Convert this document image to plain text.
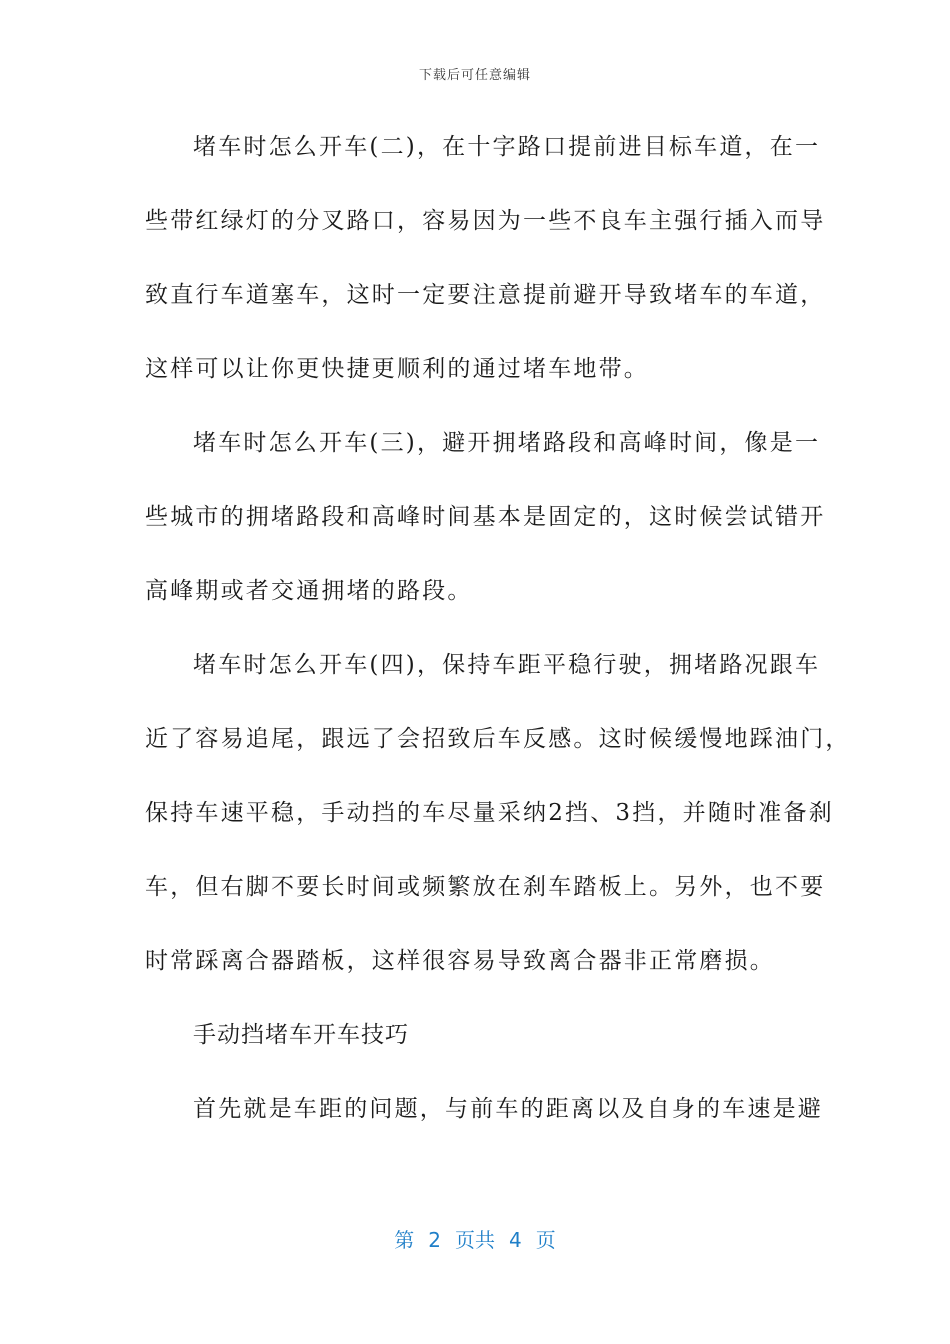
下载后可任意编辑
堵车时怎么开车(二)，在十字路口提前进目标车道，在一
些带红绿灯的分叉路口，容易因为一些不良车主强行插入而导
致直行车道塞车，这时一定要注意提前避开导致堵车的车道，
这样可以让你更快捷更顺利的通过堵车地带。
堵车时怎么开车(三)，避开拥堵路段和高峰时间，像是一
些城市的拥堵路段和高峰时间基本是固定的，这时候尝试错开
高峰期或者交通拥堵的路段。
堵车时怎么开车(四)，保持车距平稳行驶，拥堵路况跟车
近了容易追尾，跟远了会招致后车反感。这时候缓慢地踩油门，
保持车速平稳，手动挡的车尽量采纳2挡、3挡，并随时准备刹
车，但右脚不要长时间或频繁放在刹车踏板上。另外，也不要
时常踩离合器踏板，这样很容易导致离合器非正常磨损。
手动挡堵车开车技巧
首先就是车距的问题，与前车的距离以及自身的车速是避
第 2 页共 4 页
